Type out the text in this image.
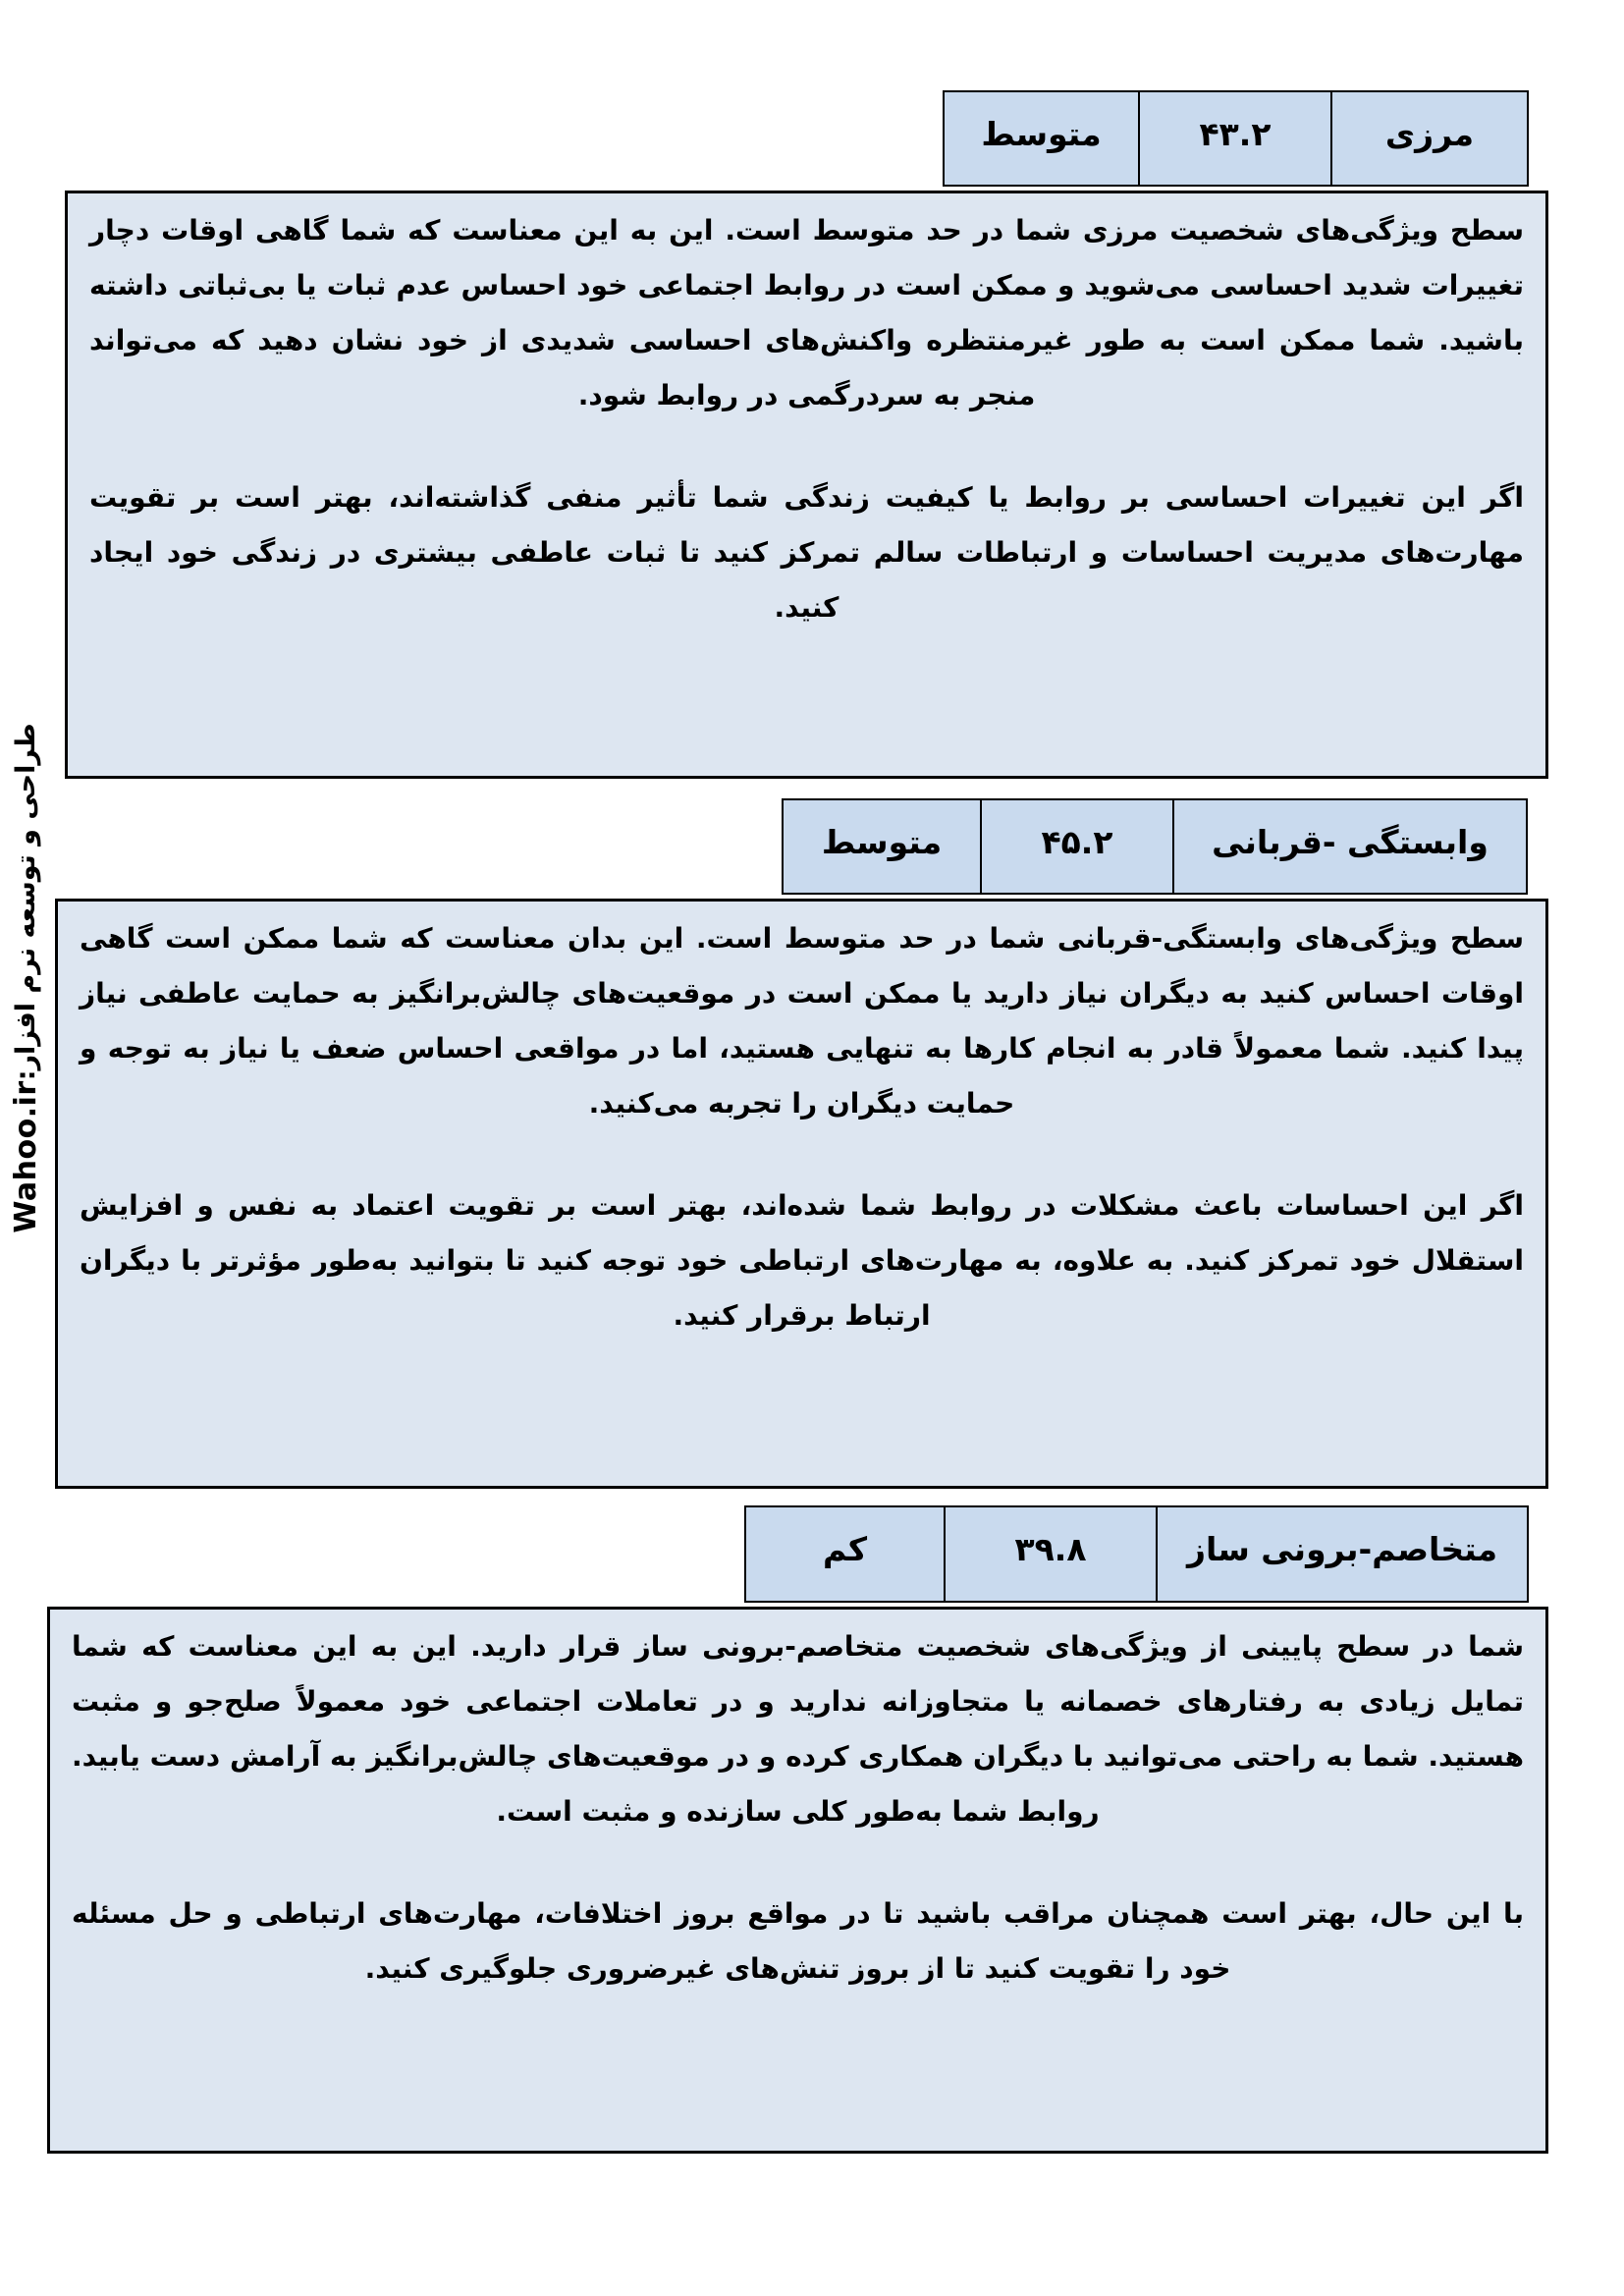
طراحی و توسعه نرم افزار:
Wahoo.ir
مرزی
۴۳.۲
متوسط

سطح ویژگی‌های شخصیت مرزی شما در حد متوسط است. این به این معناست که شما گاهی اوقات دچار تغییرات شدید احساسی می‌شوید و ممکن است در روابط اجتماعی خود احساس عدم ثبات یا بی‌ثباتی داشته باشید. شما ممکن است به طور غیرمنتظره واکنش‌های احساسی شدیدی از خود نشان دهید که می‌تواند منجر به سردرگمی در روابط شود.

اگر این تغییرات احساسی بر روابط یا کیفیت زندگی شما تأثیر منفی گذاشته‌اند، بهتر است بر تقویت مهارت‌های مدیریت احساسات و ارتباطات سالم تمرکز کنید تا ثبات عاطفی بیشتری در زندگی خود ایجاد کنید.

وابستگی -قربانی
۴۵.۲
متوسط

سطح ویژگی‌های وابستگی-قربانی شما در حد متوسط است. این بدان معناست که شما ممکن است گاهی اوقات احساس کنید به دیگران نیاز دارید یا ممکن است در موقعیت‌های چالش‌برانگیز به حمایت عاطفی نیاز پیدا کنید. شما معمولاً قادر به انجام کارها به تنهایی هستید، اما در مواقعی احساس ضعف یا نیاز به توجه و حمایت دیگران را تجربه می‌کنید.

اگر این احساسات باعث مشکلات در روابط شما شده‌اند، بهتر است بر تقویت اعتماد به نفس و افزایش استقلال خود تمرکز کنید. به علاوه، به مهارت‌های ارتباطی خود توجه کنید تا بتوانید به‌طور مؤثرتر با دیگران ارتباط برقرار کنید.

متخاصم-برونی ساز
۳۹.۸
کم

شما در سطح پایینی از ویژگی‌های شخصیت متخاصم-برونی ساز قرار دارید. این به این معناست که شما تمایل زیادی به رفتارهای خصمانه یا متجاوزانه ندارید و در تعاملات اجتماعی خود معمولاً صلح‌جو و مثبت هستید. شما به راحتی می‌توانید با دیگران همکاری کرده و در موقعیت‌های چالش‌برانگیز به آرامش دست یابید. روابط شما به‌طور کلی سازنده و مثبت است.

با این حال، بهتر است همچنان مراقب باشید تا در مواقع بروز اختلافات، مهارت‌های ارتباطی و حل مسئله خود را تقویت کنید تا از بروز تنش‌های غیرضروری جلوگیری کنید.
